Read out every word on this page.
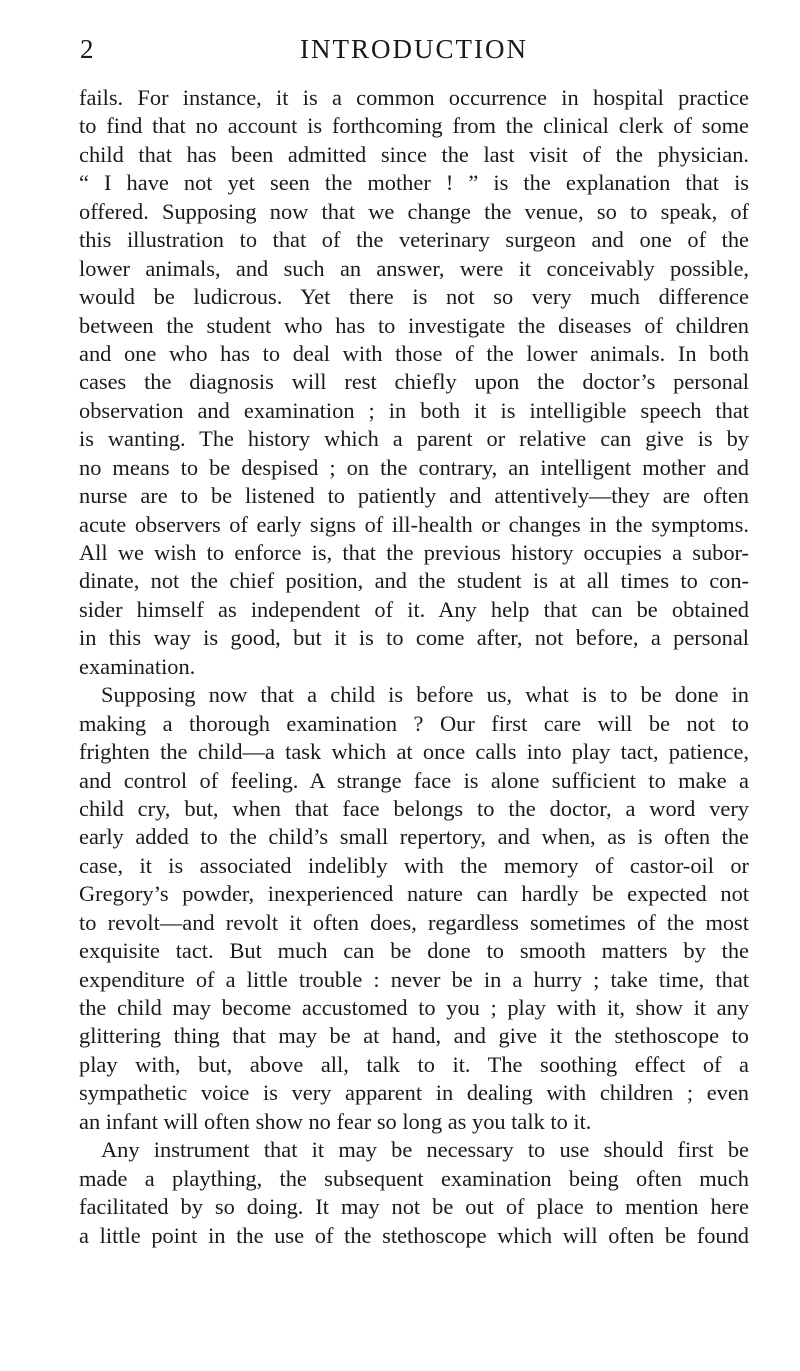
2	INTRODUCTION
fails. For instance, it is a common occurrence in hospital practice
to find that no account is forthcoming from the clinical clerk of some
child that has been admitted since the last visit of the physician.
“ I have not yet seen the mother ! ” is the explanation that is
offered. Supposing now that we change the venue, so to speak, of
this illustration to that of the veterinary surgeon and one of the
lower animals, and such an answer, were it conceivably possible,
would be ludicrous. Yet there is not so very much difference
between the student who has to investigate the diseases of children
and one who has to deal with those of the lower animals. In both
cases the diagnosis will rest chiefly upon the doctor’s personal
observation and examination ; in both it is intelligible speech that
is wanting. The history which a parent or relative can give is by
no means to be despised ; on the contrary, an intelligent mother and
nurse are to be listened to patiently and attentively—they are often
acute observers of early signs of ill-health or changes in the symptoms.
All we wish to enforce is, that the previous history occupies a subor-
dinate, not the chief position, and the student is at all times to con-
sider himself as independent of it. Any help that can be obtained
in this way is good, but it is to come after, not before, a personal
examination.
Supposing now that a child is before us, what is to be done in
making a thorough examination ? Our first care will be not to
frighten the child—a task which at once calls into play tact, patience,
and control of feeling. A strange face is alone sufficient to make a
child cry, but, when that face belongs to the doctor, a word very
early added to the child’s small repertory, and when, as is often the
case, it is associated indelibly with the memory of castor-oil or
Gregory’s powder, inexperienced nature can hardly be expected not
to revolt—and revolt it often does, regardless sometimes of the most
exquisite tact. But much can be done to smooth matters by the
expenditure of a little trouble : never be in a hurry ; take time, that
the child may become accustomed to you ; play with it, show it any
glittering thing that may be at hand, and give it the stethoscope to
play with, but, above all, talk to it. The soothing effect of a
sympathetic voice is very apparent in dealing with children ; even
an infant will often show no fear so long as you talk to it.
Any instrument that it may be necessary to use should first be
made a plaything, the subsequent examination being often much
facilitated by so doing. It may not be out of place to mention here
a little point in the use of the stethoscope which will often be found
